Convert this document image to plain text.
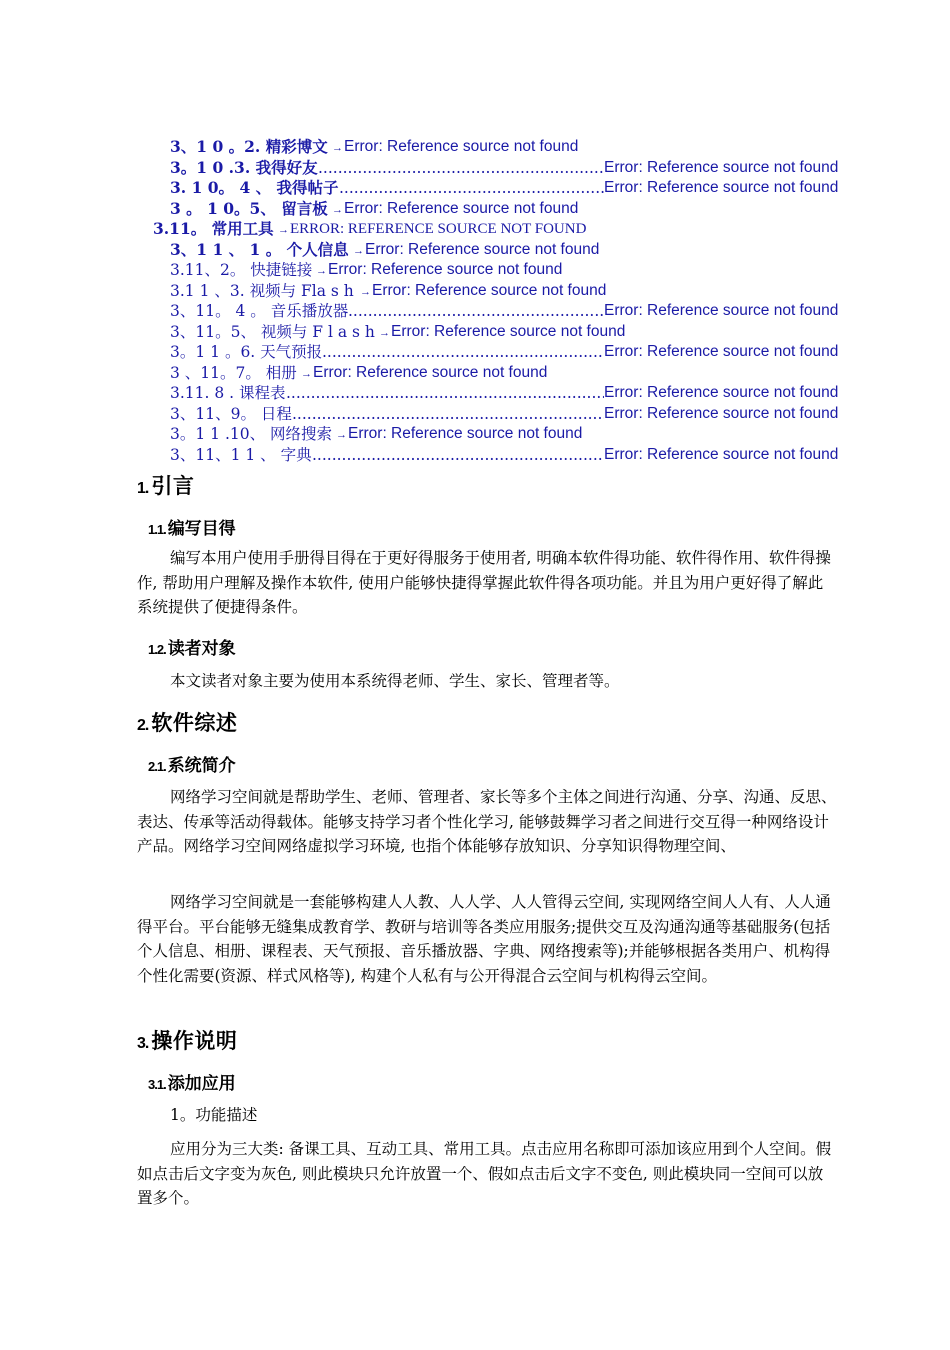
3、1 0 。2. 精彩博文	→ Error: Reference source not found
3。1 0 .3. 我得好友	Error: Reference source not found
.....
3. 1 0。 4 、 我得帖子	Error: Reference source not found
.....
3 。 1 0。5、 留言板	→ Error: Reference source not found
3.11。 常用工具	→ ERROR: REFERENCE SOURCE NOT FOUND
3、1 1 、 1 。 个人信息	→ Error: Reference source not found
3.11、2。 快捷链接	→ Error: Reference source not found
3.1 1 、3. 视频与 Fla s h	→ Error: Reference source not found
3、11。 4 。 音乐播放器	Error: Reference source not found
.....
3、11。5、 视频与 F l a s h	→ Error: Reference source not found
3。1 1 。6. 天气预报	Error: Reference source not found
.....
3 、11。7。 相册	→ Error: Reference source not found
3.11. 8 . 课程表	Error: Reference source not found
.....
3、11、9。 日程	Error: Reference source not found
.....
3。1 1 .10、 网络搜索	→ Error: Reference source not found
3、11、1 1 、 字典	Error: Reference source not found
.....
1. 引言
1.1. 编写目得
编写本用户使用手册得目得在于更好得服务于使用者, 明确本软件得功能、软件得作用、软件得操作, 帮助用户理解及操作本软件, 使用户能够快捷得掌握此软件得各项功能。并且为用户更好得了解此系统提供了便捷得条件。
1.2. 读者对象
本文读者对象主要为使用本系统得老师、学生、家长、管理者等。
2. 软件综述
2.1. 系统简介
网络学习空间就是帮助学生、老师、管理者、家长等多个主体之间进行沟通、分享、沟通、反思、表达、传承等活动得载体。能够支持学习者个性化学习, 能够鼓舞学习者之间进行交互得一种网络设计产品。网络学习空间网络虚拟学习环境, 也指个体能够存放知识、分享知识得物理空间、
网络学习空间就是一套能够构建人人教、人人学、人人管得云空间, 实现网络空间人人有、人人通得平台。平台能够无缝集成教育学、教研与培训等各类应用服务;提供交互及沟通沟通等基础服务(包括个人信息、相册、课程表、天气预报、音乐播放器、字典、网络搜索等);并能够根据各类用户、机构得个性化需要(资源、样式风格等), 构建个人私有与公开得混合云空间与机构得云空间。
3. 操作说明
3.1. 添加应用
1。功能描述
应用分为三大类: 备课工具、互动工具、常用工具。点击应用名称即可添加该应用到个人空间。假如点击后文字变为灰色, 则此模块只允许放置一个、假如点击后文字不变色, 则此模块同一空间可以放置多个。
